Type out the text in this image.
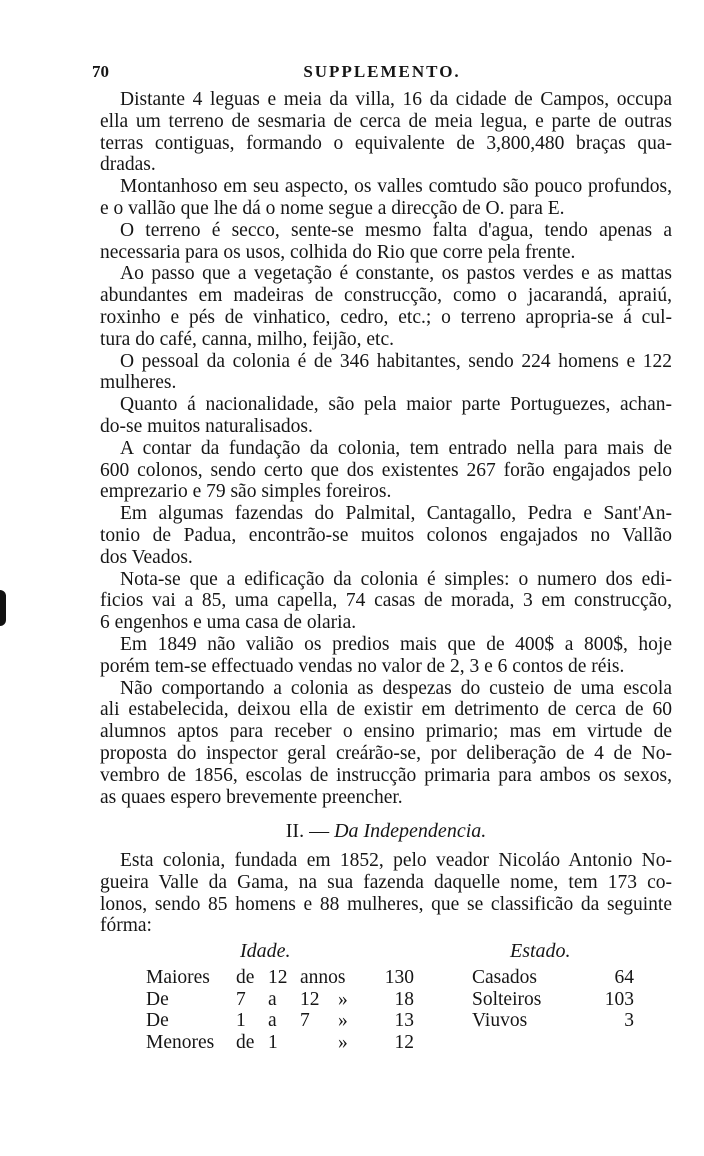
70	SUPPLEMENTO.
Distante 4 leguas e meia da villa, 16 da cidade de Campos, occupa
ella um terreno de sesmaria de cerca de meia legua, e parte de outras
terras contiguas, formando o equivalente de 3,800,480 braças qua-
dradas.
Montanhoso em seu aspecto, os valles comtudo são pouco profundos,
e o vallão que lhe dá o nome segue a direcção de O. para E.
O terreno é secco, sente-se mesmo falta d'agua, tendo apenas a
necessaria para os usos, colhida do Rio que corre pela frente.
Ao passo que a vegetação é constante, os pastos verdes e as mattas
abundantes em madeiras de construcção, como o jacarandá, apraiú,
roxinho e pés de vinhatico, cedro, etc.; o terreno apropria-se á cul-
tura do café, canna, milho, feijão, etc.
O pessoal da colonia é de 346 habitantes, sendo 224 homens e 122
mulheres.
Quanto á nacionalidade, são pela maior parte Portuguezes, achan-
do-se muitos naturalisados.
A contar da fundação da colonia, tem entrado nella para mais de
600 colonos, sendo certo que dos existentes 267 forão engajados pelo
emprezario e 79 são simples foreiros.
Em algumas fazendas do Palmital, Cantagallo, Pedra e Sant'An-
tonio de Padua, encontrão-se muitos colonos engajados no Vallão
dos Veados.
Nota-se que a edificação da colonia é simples: o numero dos edi-
ficios vai a 85, uma capella, 74 casas de morada, 3 em construcção,
6 engenhos e uma casa de olaria.
Em 1849 não valião os predios mais que de 400$ a 800$, hoje
porém tem-se effectuado vendas no valor de 2, 3 e 6 contos de réis.
Não comportando a colonia as despezas do custeio de uma escola
ali estabelecida, deixou ella de existir em detrimento de cerca de 60
alumnos aptos para receber o ensino primario; mas em virtude de
proposta do inspector geral creárão-se, por deliberação de 4 de No-
vembro de 1856, escolas de instrucção primaria para ambos os sexos,
as quaes espero brevemente preencher.
II. — Da Independencia.
Esta colonia, fundada em 1852, pelo veador Nicoláo Antonio No-
gueira Valle da Gama, na sua fazenda daquelle nome, tem 173 co-
lonos, sendo 85 homens e 88 mulheres, que se classificão da seguinte
fórma:
Idade.
Maiores de 12 annos	130
De	7 a 12 »	18
De	1 a 7 »	13
Menores de 1	»	12
Estado.
Casados	64
Solteiros	103
Viuvos	3
